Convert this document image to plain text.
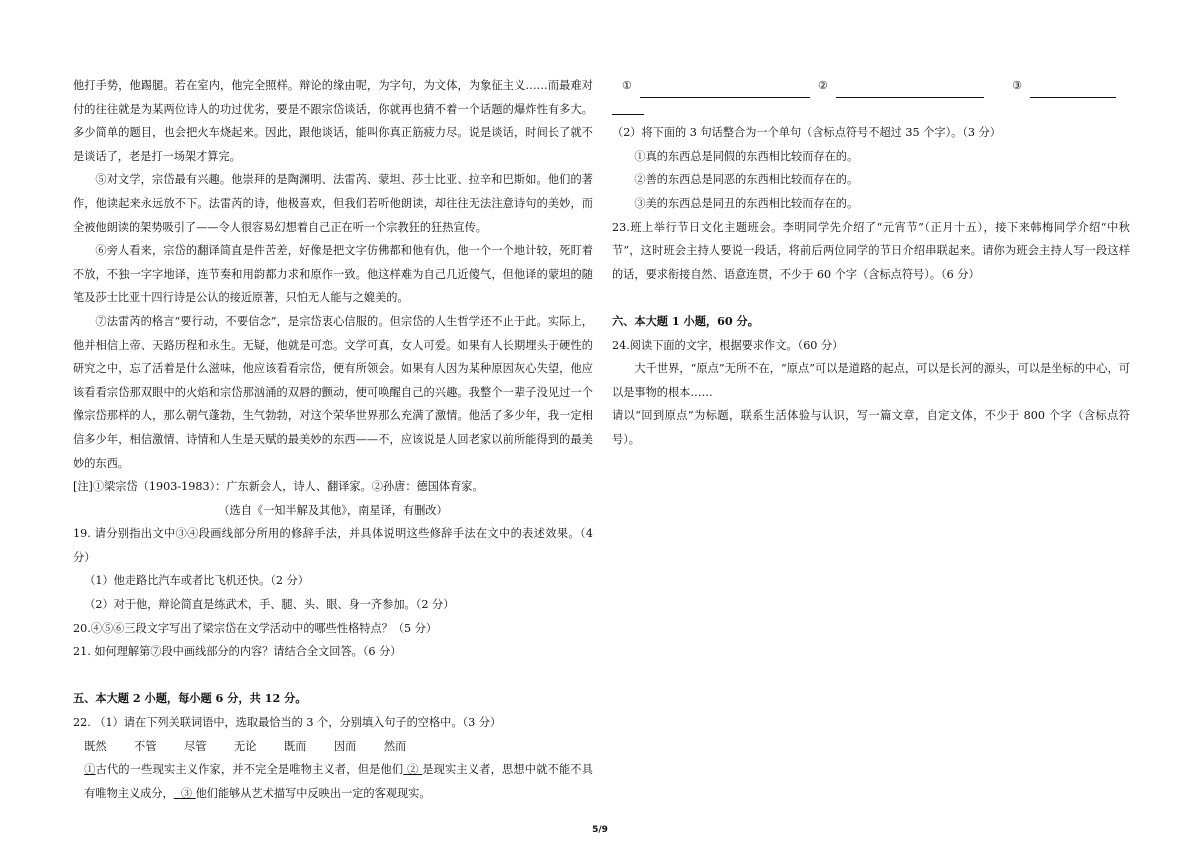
他打手势，他踢腿。若在室内，他完全照样。辩论的缘由呢，为字句，为文体，为象征主义……而最难对付的往往就是为某两位诗人的功过优劣，要是不跟宗岱谈话，你就再也猜不着一个话题的爆炸性有多大。多少简单的题目，也会把火车烧起来。因此，跟他谈话，能叫你真正筋疲力尽。说是谈话，时间长了就不是谈话了，老是打一场架才算完。

⑤对文学，宗岱最有兴趣。他崇拜的是陶渊明、法雷芮、蒙坦、莎士比亚、拉辛和巴斯如。他们的著作，他读起来永远放不下。法雷芮的诗，他极喜欢，但我们若听他朗读，却往往无法注意诗句的美妙，而全被他朗读的架势吸引了——令人很容易幻想着自己正在听一个宗教狂的狂热宣传。

⑥旁人看来，宗岱的翻译简直是件苦差，好像是把文字仿佛都和他有仇，他一个一个地计较，死盯着不放，不独一字字地译，连节奏和用韵都力求和原作一致。他这样难为自己几近傻气，但他译的蒙坦的随笔及莎士比亚十四行诗是公认的接近原著，只怕无人能与之媲美的。

⑦法雷芮的格言“要行动，不要信念”，是宗岱衷心信服的。但宗岱的人生哲学还不止于此。实际上，他并相信上帝、天路历程和永生。无疑，他就是可恋。文学可真，女人可爱。如果有人长期埋头于硬性的研究之中，忘了活着是什么滋味，他应该看看宗岱，便有所领会。如果有人因为某种原因灰心失望，他应该看看宗岱那双眼中的火焰和宗岱那汹涌的双唇的颤动，便可唤醒自己的兴趣。我整个一辈子没见过一个像宗岱那样的人，那么朝气蓬勃，生气勃勃，对这个荣华世界那么充满了激情。他活了多少年，我一定相信多少年，相信激情、诗情和人生是天赋的最美妙的东西——不，应该说是人回老家以前所能得到的最美妙的东西。

[注]①梁宗岱（1903-1983）：广东新会人，诗人、翻译家。②孙唐：德国体育家。

（选自《一知半解及其他》，南星译，有删改）

19. 请分别指出文中③④段画线部分所用的修辞手法，并具体说明这些修辞手法在文中的表述效果。（4 分）

（1）他走路比汽车或者比飞机还快。（2 分）

（2）对于他，辩论简直是练武术，手、腿、头、眼、身一齐参加。（2 分）

20.④⑤⑥三段文字写出了梁宗岱在文学活动中的哪些性格特点？（5 分）

21. 如何理解第⑦段中画线部分的内容？请结合全文回答。（6 分）

五、本大题 2 小题，每小题 6 分，共 12 分。

22. （1）请在下列关联词语中，选取最恰当的 3 个，分别填入句子的空格中。（3 分）

既然 不管 尽管 无论 既而 因而 然而

①古代的一些现实主义作家，并不完全是唯物主义者，但是他们 ② 是现实主义者，思想中就不能不具有唯物主义成分， ③ 他们能够从艺术描写中反映出一定的客观现实。

①	②	③

（2）将下面的 3 句话整合为一个单句（含标点符号不超过 35 个字）。（3 分）

①真的东西总是同假的东西相比较而存在的。

②善的东西总是同恶的东西相比较而存在的。

③美的东西总是同丑的东西相比较而存在的。

23.班上举行节日文化主题班会。李明同学先介绍了“元宵节”（正月十五），接下来韩梅同学介绍“中秋节”，这时班会主持人要说一段话，将前后两位同学的节日介绍串联起来。请你为班会主持人写一段这样的话，要求衔接自然、语意连贯，不少于 60 个字（含标点符号）。（6 分）

六、本大题 1 小题，60 分。

24.阅读下面的文字，根据要求作文。（60 分）

大千世界，“原点”无所不在，“原点”可以是道路的起点，可以是长河的源头，可以是坐标的中心，可以是事物的根本……

请以“回到原点”为标题，联系生活体验与认识，写一篇文章，自定文体，不少于 800 个字（含标点符号）。

5/9
